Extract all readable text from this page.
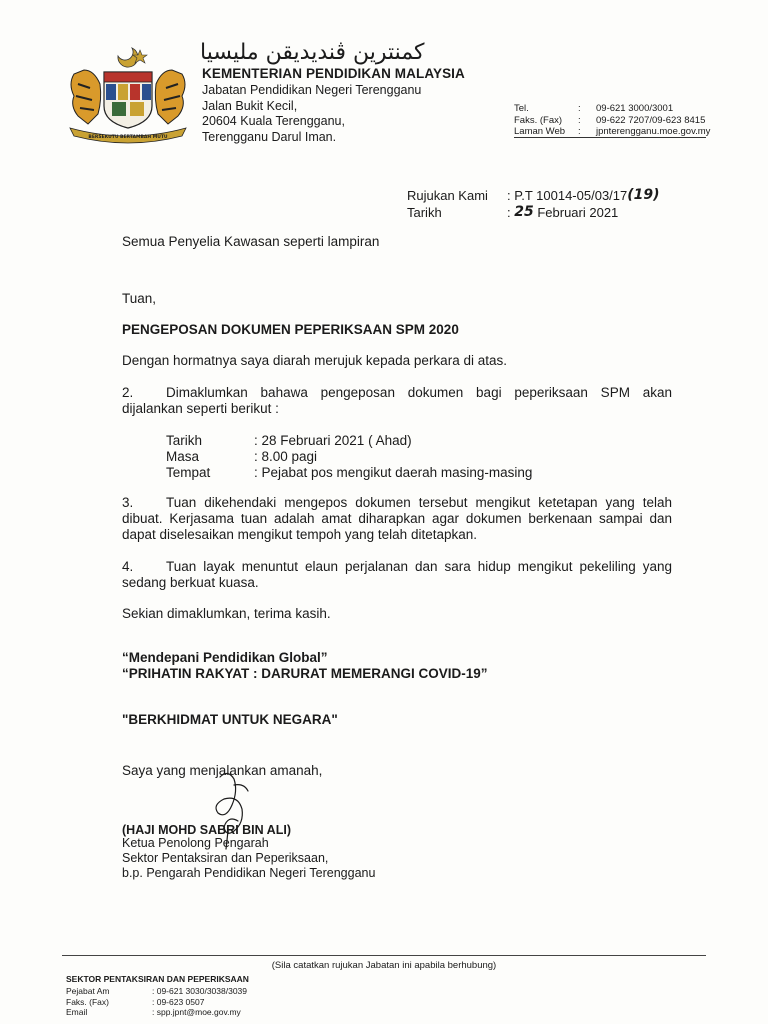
BERSEKUTU BERTAMBAH MUTU
كمنترين ڤنديديقن مليسيا
KEMENTERIAN PENDIDIKAN MALAYSIA
Jabatan Pendidikan Negeri Terengganu
Jalan Bukit Kecil,
20604 Kuala Terengganu,
Terengganu Darul Iman.
Tel.	:	09-621 3000/3001
Faks. (Fax)	:	09-622 7207/09-623 8415
Laman Web	:	jpnterengganu.moe.gov.my
Rujukan Kami	: P.T 10014-05/03/17 (19)
Tarikh	: 25
Februari 2021
Semua Penyelia Kawasan seperti lampiran
Tuan,
PENGEPOSAN DOKUMEN PEPERIKSAAN SPM 2020
Dengan hormatnya saya diarah merujuk kepada perkara di atas.
2. Dimaklumkan bahawa pengeposan dokumen bagi peperiksaan SPM akan dijalankan seperti berikut :
Tarikh	: 28 Februari 2021 ( Ahad)
Masa	: 8.00 pagi
Tempat	: Pejabat pos mengikut daerah masing-masing
3. Tuan dikehendaki mengepos dokumen tersebut mengikut ketetapan yang telah dibuat. Kerjasama tuan adalah amat diharapkan agar dokumen berkenaan sampai dan dapat diselesaikan mengikut tempoh yang telah ditetapkan.
4. Tuan layak menuntut elaun perjalanan dan sara hidup mengikut pekeliling yang sedang berkuat kuasa.
Sekian dimaklumkan, terima kasih.
“Mendepani Pendidikan Global”
“PRIHATIN RAKYAT : DARURAT MEMERANGI COVID-19”
"BERKHIDMAT UNTUK NEGARA"
Saya yang menjalankan amanah,
(HAJI MOHD SABRI BIN ALI)
Ketua Penolong Pengarah
Sektor Pentaksiran dan Peperiksaan,
b.p. Pengarah Pendidikan Negeri Terengganu
(Sila catatkan rujukan Jabatan ini apabila berhubung)
SEKTOR PENTAKSIRAN DAN PEPERIKSAAN
Pejabat Am	: 09-621 3030/3038/3039
Faks. (Fax)	: 09-623 0507
Email	: spp.jpnt@moe.gov.my
